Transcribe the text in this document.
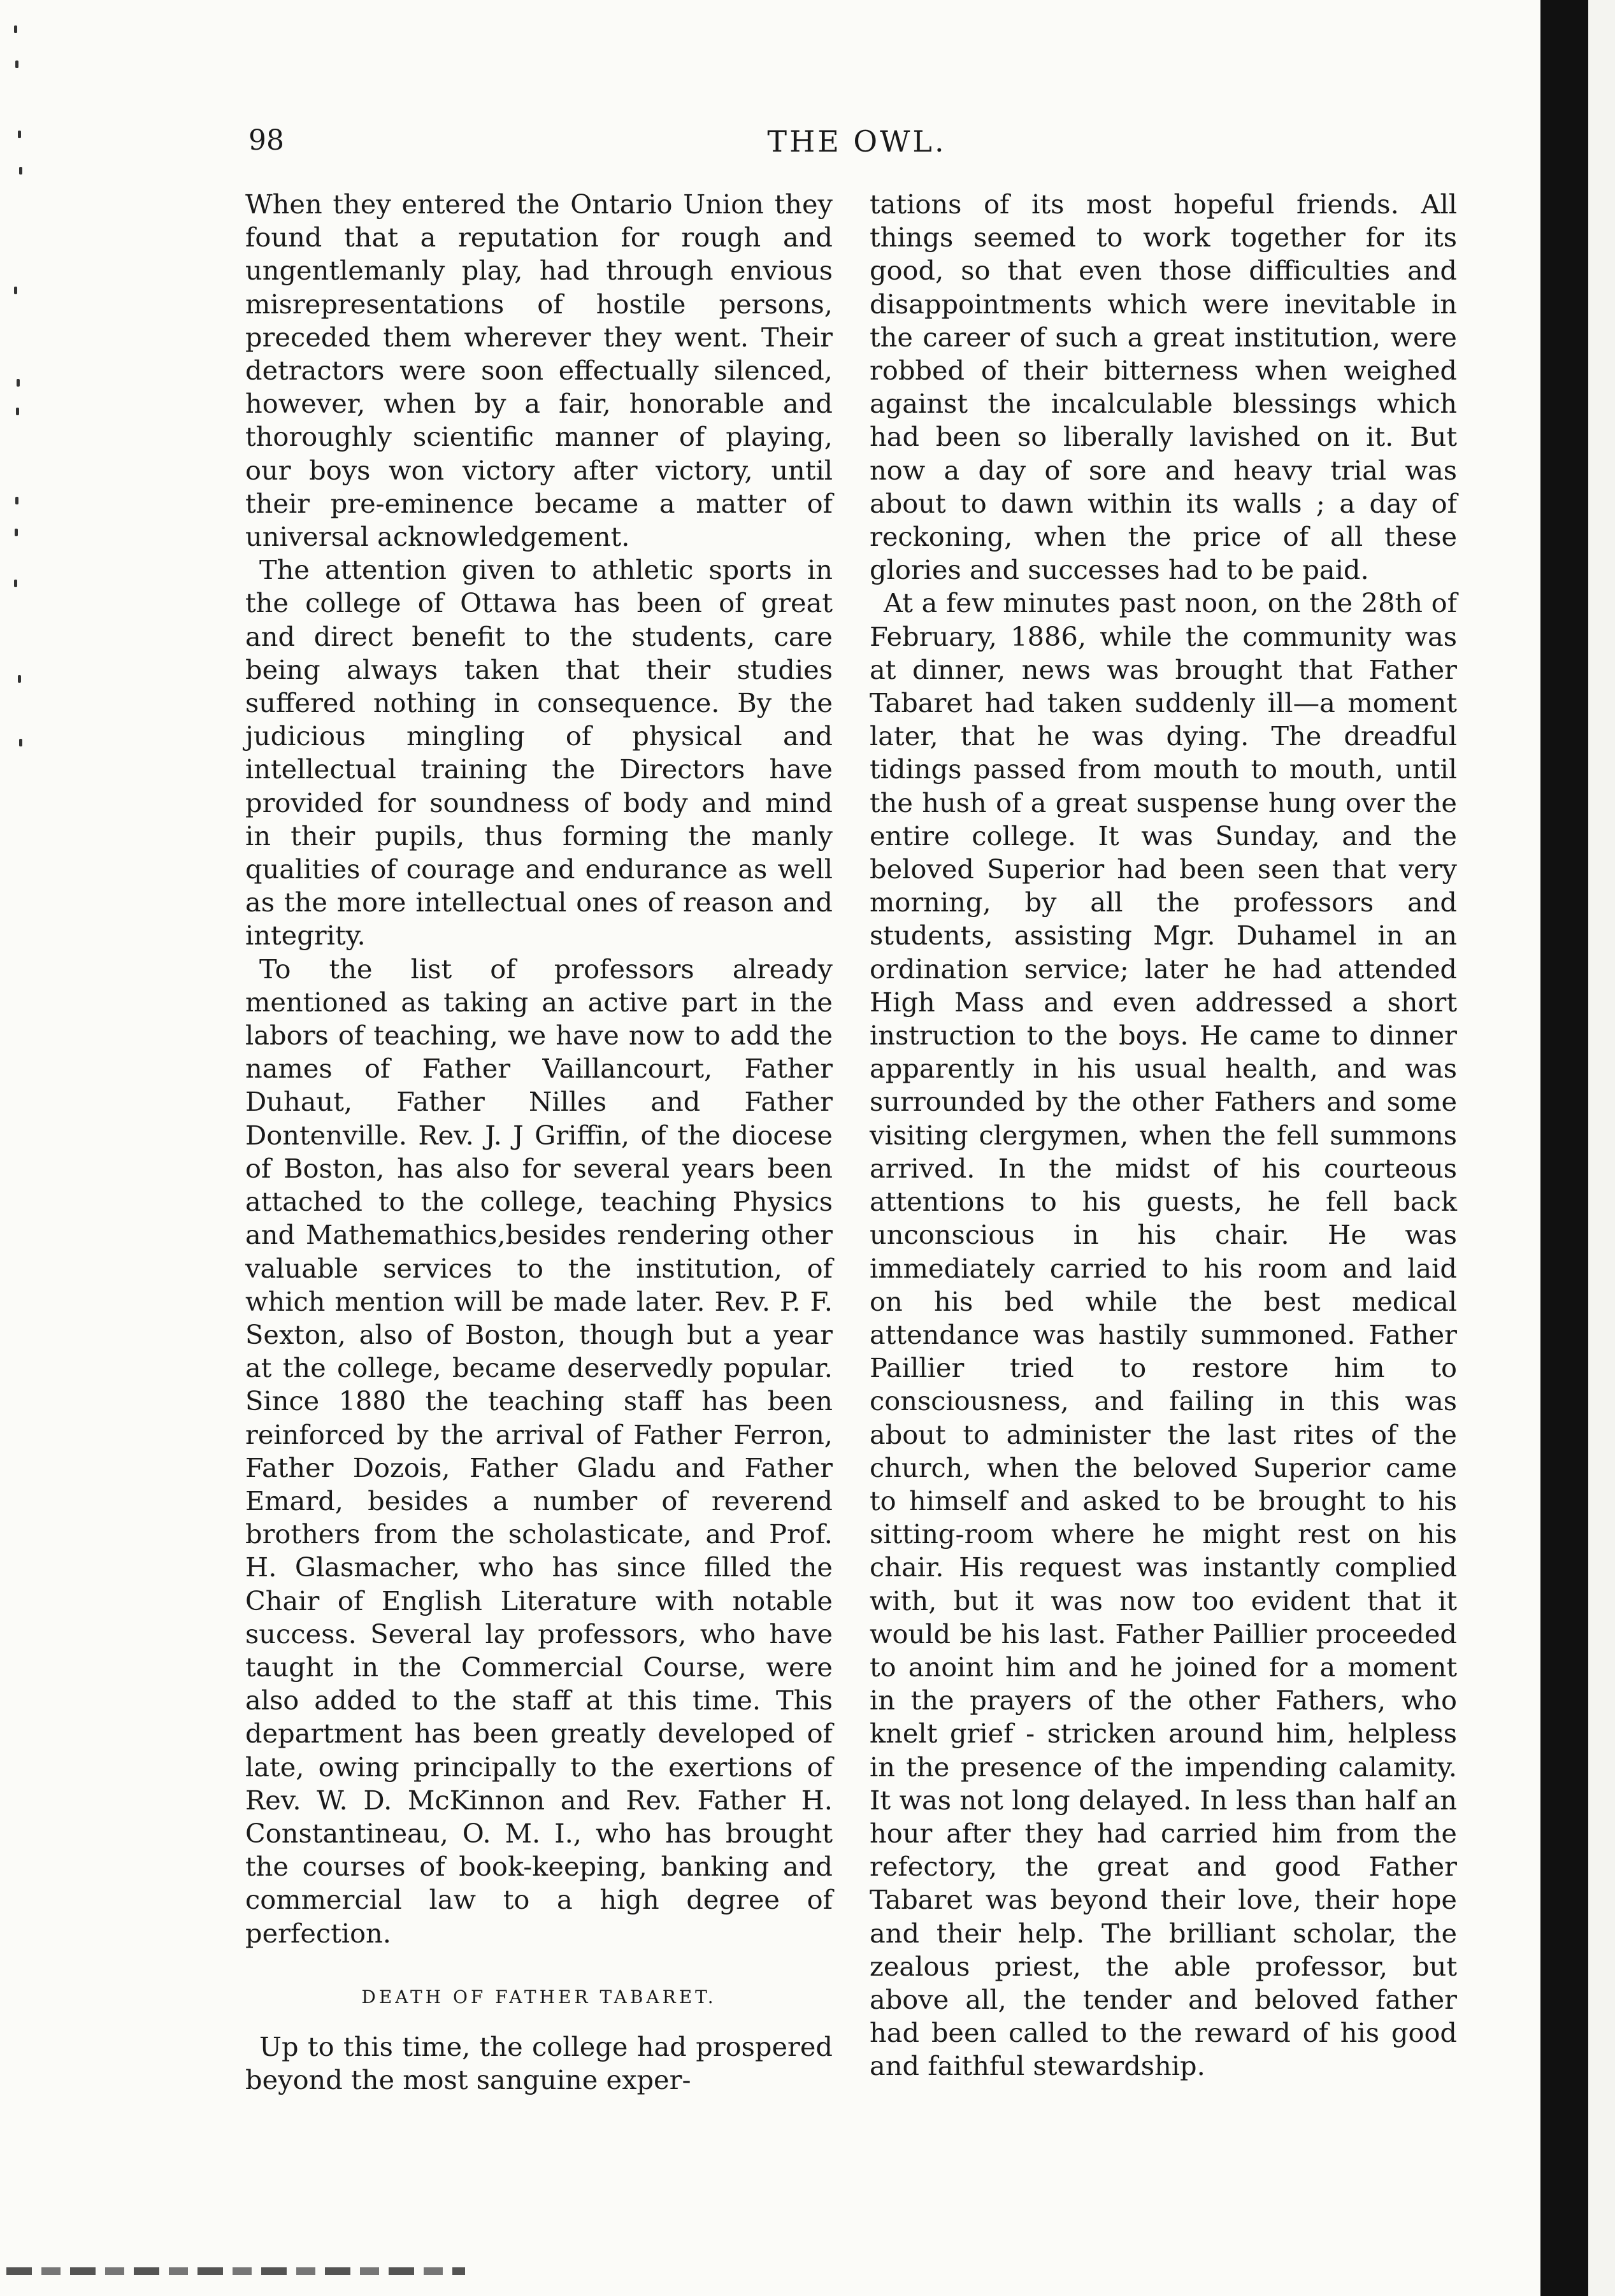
98	THE OWL.

When they entered the Ontario Union they found that a reputation for rough and ungentlemanly play, had through envious misrepresentations of hostile persons, preceded them wherever they went. Their detractors were soon effectually silenced, however, when by a fair, honorable and thoroughly scientific manner of playing, our boys won victory after victory, until their pre-eminence became a matter of universal acknowledgement.

The attention given to athletic sports in the college of Ottawa has been of great and direct benefit to the students, care being always taken that their studies suffered nothing in consequence. By the judicious mingling of physical and intellectual training the Directors have provided for soundness of body and mind in their pupils, thus forming the manly qualities of courage and endurance as well as the more intellectual ones of reason and integrity.

To the list of professors already mentioned as taking an active part in the labors of teaching, we have now to add the names of Father Vaillancourt, Father Duhaut, Father Nilles and Father Dontenville. Rev. J. J Griffin, of the diocese of Boston, has also for several years been attached to the college, teaching Physics and Mathemathics,besides rendering other valuable services to the institution, of which mention will be made later. Rev. P. F. Sexton, also of Boston, though but a year at the college, became deservedly popular. Since 1880 the teaching staff has been reinforced by the arrival of Father Ferron, Father Dozois, Father Gladu and Father Emard, besides a number of reverend brothers from the scholasticate, and Prof. H. Glasmacher, who has since filled the Chair of English Literature with notable success. Several lay professors, who have taught in the Commercial Course, were also added to the staff at this time. This department has been greatly developed of late, owing principally to the exertions of Rev. W. D. McKinnon and Rev. Father H. Constantineau, O. M. I., who has brought the courses of book-keeping, banking and commercial law to a high degree of perfection.

DEATH OF FATHER TABARET.

Up to this time, the college had prospered beyond the most sanguine exper-

tations of its most hopeful friends. All things seemed to work together for its good, so that even those difficulties and disappointments which were inevitable in the career of such a great institution, were robbed of their bitterness when weighed against the incalculable blessings which had been so liberally lavished on it. But now a day of sore and heavy trial was about to dawn within its walls ; a day of reckoning, when the price of all these glories and successes had to be paid.

At a few minutes past noon, on the 28th of February, 1886, while the community was at dinner, news was brought that Father Tabaret had taken suddenly ill—a moment later, that he was dying. The dreadful tidings passed from mouth to mouth, until the hush of a great suspense hung over the entire college. It was Sunday, and the beloved Superior had been seen that very morning, by all the professors and students, assisting Mgr. Duhamel in an ordination service; later he had attended High Mass and even addressed a short instruction to the boys. He came to dinner apparently in his usual health, and was surrounded by the other Fathers and some visiting clergymen, when the fell summons arrived. In the midst of his courteous attentions to his guests, he fell back unconscious in his chair. He was immediately carried to his room and laid on his bed while the best medical attendance was hastily summoned. Father Paillier tried to restore him to consciousness, and failing in this was about to administer the last rites of the church, when the beloved Superior came to himself and asked to be brought to his sitting-room where he might rest on his chair. His request was instantly complied with, but it was now too evident that it would be his last. Father Paillier proceeded to anoint him and he joined for a moment in the prayers of the other Fathers, who knelt grief - stricken around him, helpless in the presence of the impending calamity. It was not long delayed. In less than half an hour after they had carried him from the refectory, the great and good Father Tabaret was beyond their love, their hope and their help. The brilliant scholar, the zealous priest, the able professor, but above all, the tender and beloved father had been called to the reward of his good and faithful stewardship.
